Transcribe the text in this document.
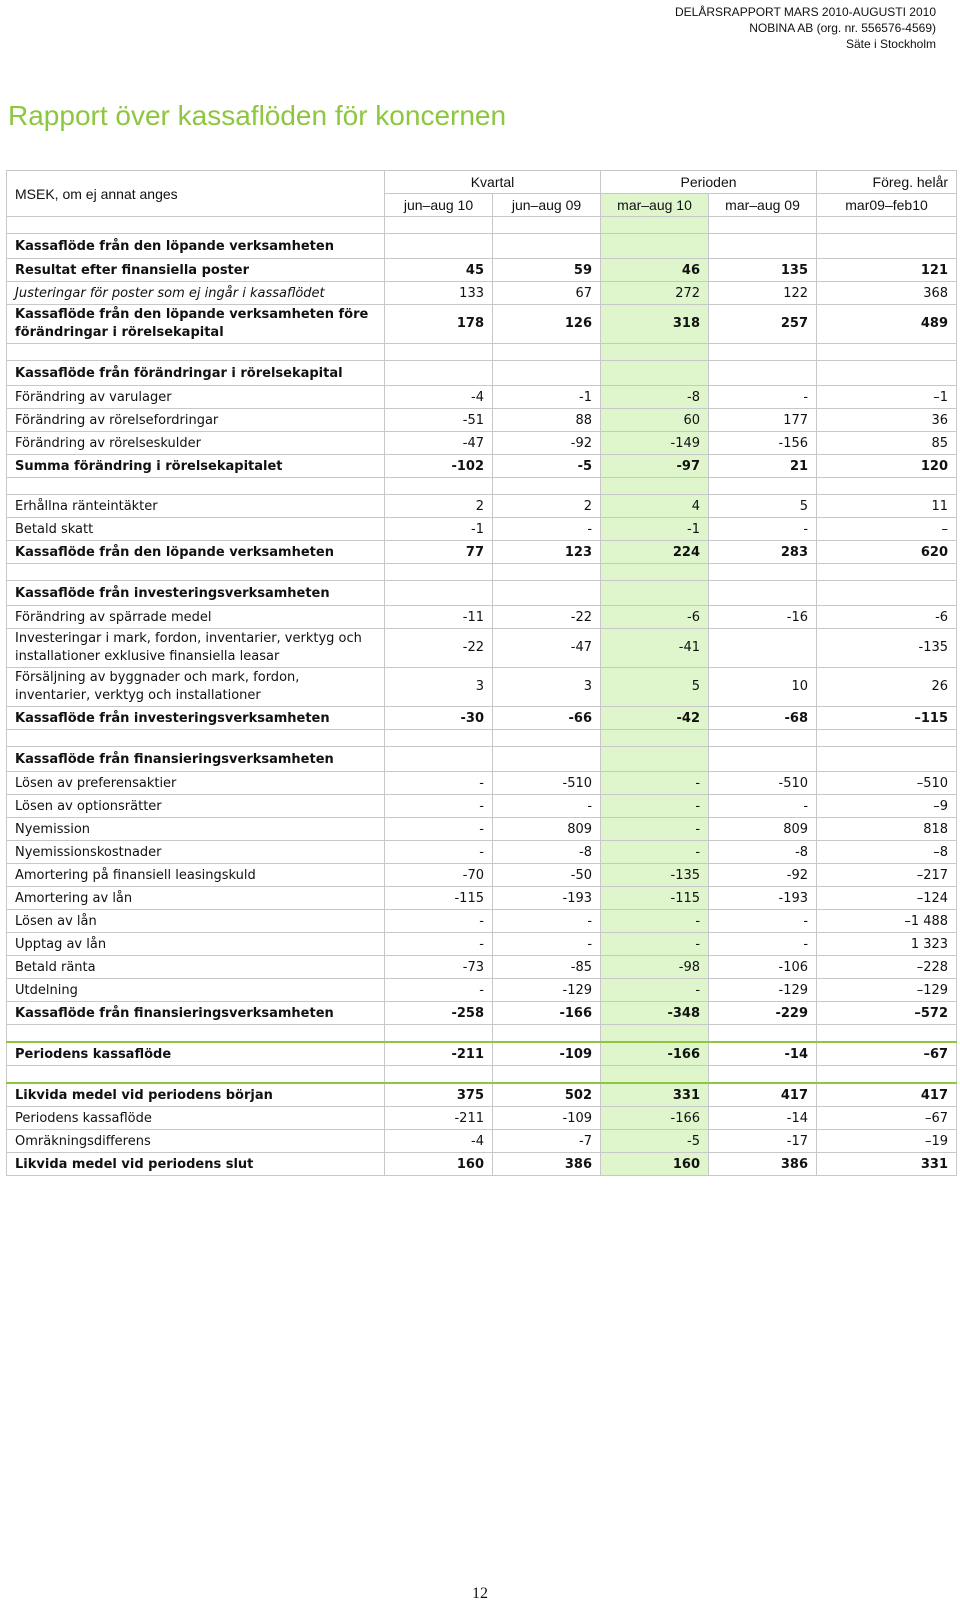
DELÅRSRAPPORT MARS 2010-AUGUSTI 2010
NOBINA AB (org. nr. 556576-4569)
Säte i Stockholm
Rapport över kassaflöden för koncernen
MSEK, om ej annat anges	Kvartal		Perioden		Föreg. helår
	jun–aug 10	jun–aug 09	mar–aug 10	mar–aug 09	mar09–feb10

Kassaflöde från den löpande verksamheten					
Resultat efter finansiella poster	45	59	46	135	121
Justeringar för poster som ej ingår i kassaflödet	133	67	272	122	368
Kassaflöde från den löpande verksamheten före förändringar i rörelsekapital	178	126	318	257	489

Kassaflöde från förändringar i rörelsekapital					
Förändring av varulager	-4	-1	-8	-	–1
Förändring av rörelsefordringar	-51	88	60	177	36
Förändring av rörelseskulder	-47	-92	-149	-156	85
Summa förändring i rörelsekapitalet	-102	-5	-97	21	120

Erhållna ränteintäkter	2	2	4	5	11
Betald skatt	-1	-	-1	-	–
Kassaflöde från den löpande verksamheten	77	123	224	283	620

Kassaflöde från investeringsverksamheten					
Förändring av spärrade medel	-11	-22	-6	-16	-6
Investeringar i mark, fordon, inventarier, verktyg och installationer exklusive finansiella leasar	-22	-47	-41		-135
Försäljning av byggnader och mark, fordon, inventarier, verktyg och installationer	3	3	5	10	26
Kassaflöde från investeringsverksamheten	-30	-66	-42	-68	–115

Kassaflöde från finansieringsverksamheten					
Lösen av preferensaktier	-	-510	-	-510	–510
Lösen av optionsrätter	-	-	-	-	–9
Nyemission	-	809	-	809	818
Nyemissionskostnader	-	-8	-	-8	–8
Amortering på finansiell leasingskuld	-70	-50	-135	-92	–217
Amortering av lån	-115	-193	-115	-193	–124
Lösen av lån	-	-	-	-	–1 488
Upptag av lån	-	-	-	-	1 323
Betald ränta	-73	-85	-98	-106	–228
Utdelning	-	-129	-	-129	–129
Kassaflöde från finansieringsverksamheten	-258	-166	-348	-229	–572

Periodens kassaflöde	-211	-109	-166	-14	–67

Likvida medel vid periodens början	375	502	331	417	417
Periodens kassaflöde	-211	-109	-166	-14	–67
Omräkningsdifferens	-4	-7	-5	-17	–19
Likvida medel vid periodens slut	160	386	160	386	331
12
